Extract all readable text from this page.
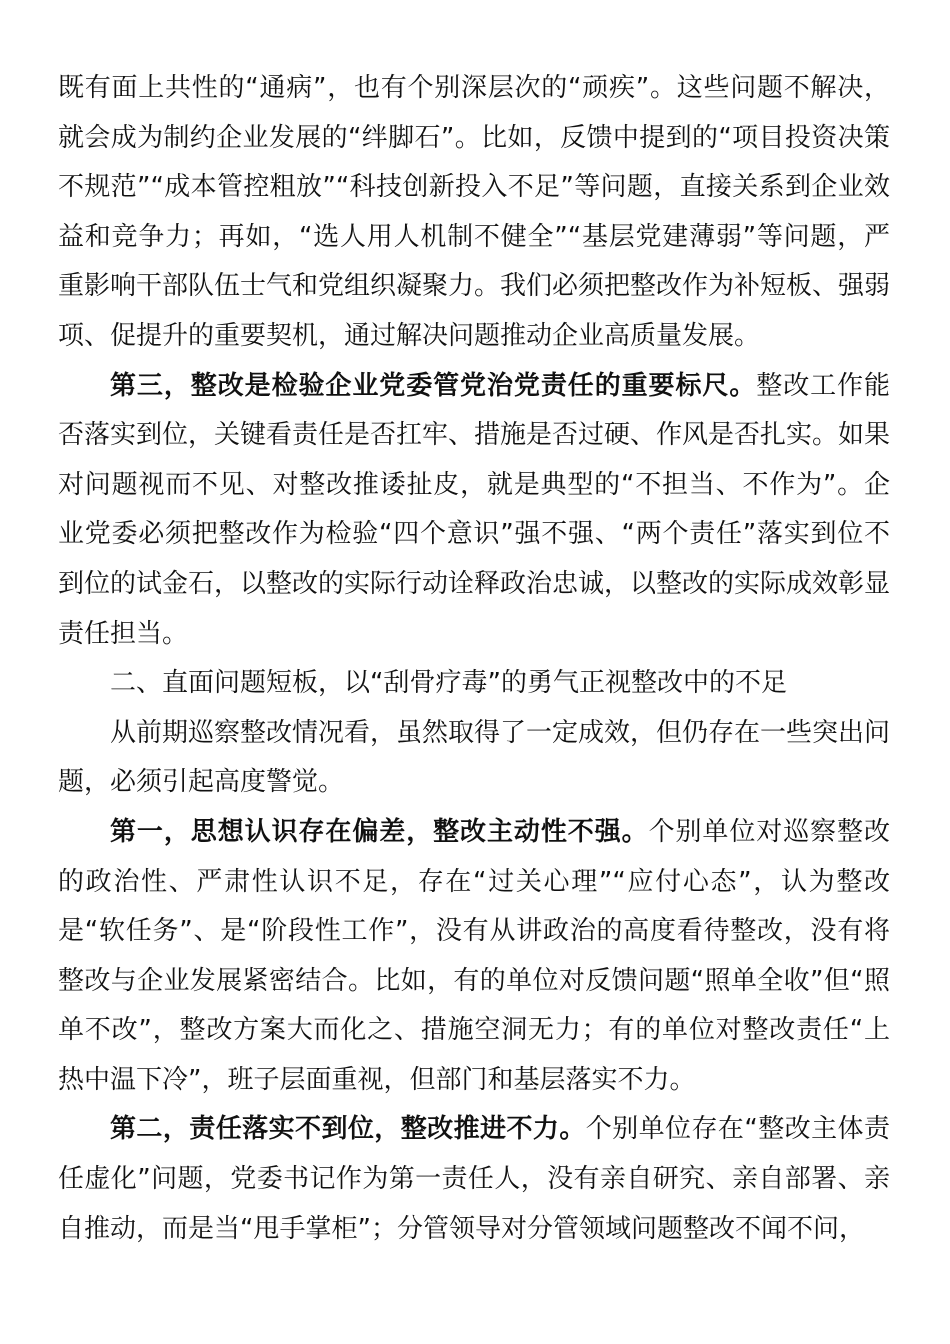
既有面上共性的“通病”，也有个别深层次的“顽疾”。这些问题不解决，就会成为制约企业发展的“绊脚石”。比如，反馈中提到的“项目投资决策不规范”“成本管控粗放”“科技创新投入不足”等问题，直接关系到企业效益和竞争力；再如，“选人用人机制不健全”“基层党建薄弱”等问题，严重影响干部队伍士气和党组织凝聚力。我们必须把整改作为补短板、强弱项、促提升的重要契机，通过解决问题推动企业高质量发展。

第三，整改是检验企业党委管党治党责任的重要标尺。整改工作能否落实到位，关键看责任是否扛牢、措施是否过硬、作风是否扎实。如果对问题视而不见、对整改推诿扯皮，就是典型的“不担当、不作为”。企业党委必须把整改作为检验“四个意识”强不强、“两个责任”落实到位不到位的试金石，以整改的实际行动诠释政治忠诚，以整改的实际成效彰显责任担当。

二、直面问题短板，以“刮骨疗毒”的勇气正视整改中的不足

从前期巡察整改情况看，虽然取得了一定成效，但仍存在一些突出问题，必须引起高度警觉。

第一，思想认识存在偏差，整改主动性不强。个别单位对巡察整改的政治性、严肃性认识不足，存在“过关心理”“应付心态”，认为整改是“软任务”、是“阶段性工作”，没有从讲政治的高度看待整改，没有将整改与企业发展紧密结合。比如，有的单位对反馈问题“照单全收”但“照单不改”，整改方案大而化之、措施空洞无力；有的单位对整改责任“上热中温下冷”，班子层面重视，但部门和基层落实不力。

第二，责任落实不到位，整改推进不力。个别单位存在“整改主体责任虚化”问题，党委书记作为第一责任人，没有亲自研究、亲自部署、亲自推动，而是当“甩手掌柜”；分管领导对分管领域问题整改不闻不问，
